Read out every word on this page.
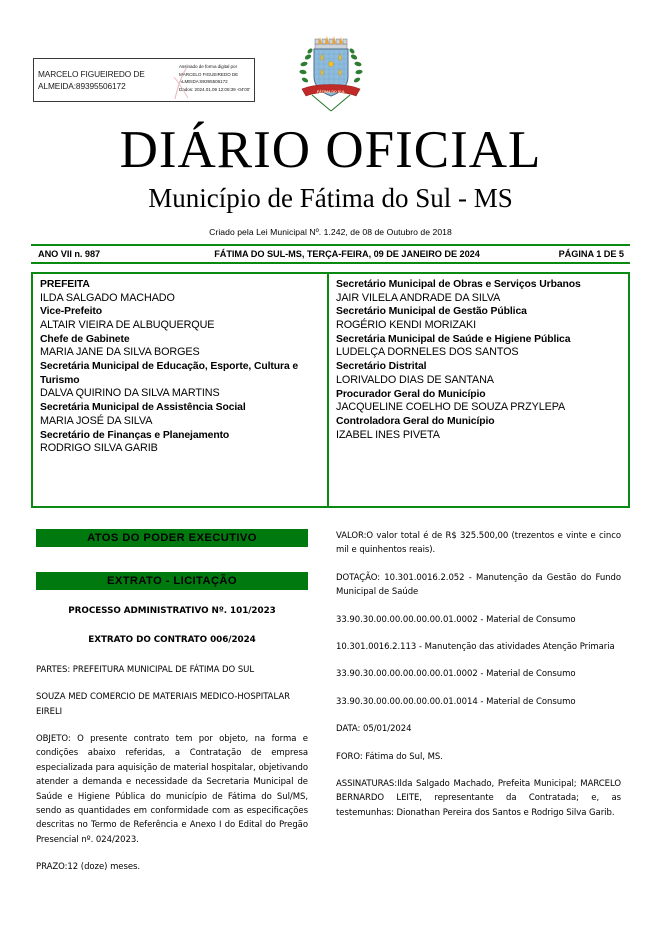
MARCELO FIGUEIREDO DE ALMEIDA:89395506172
Assinado de forma digital por
MARCELO FIGUEIREDO DE
ALMEIDA:89395506172
Dados: 2024.01.09 12:08:39 -04'00'
FÁTIMA DO SUL
DIÁRIO OFICIAL
Município de Fátima do Sul - MS
Criado pela Lei Municipal Nº. 1.242, de 08 de Outubro de 2018
ANO VII n. 987	FÁTIMA DO SUL-MS, TERÇA-FEIRA, 09 DE JANEIRO DE 2024	PÁGINA 1 DE 5
PREFEITA
ILDA SALGADO MACHADO
Vice-Prefeito
ALTAIR VIEIRA DE ALBUQUERQUE
Chefe de Gabinete
MARIA JANE DA SILVA BORGES
Secretária Municipal de Educação, Esporte, Cultura e Turismo
DALVA QUIRINO DA SILVA MARTINS
Secretária Municipal de Assistência Social
MARIA JOSÉ DA SILVA
Secretário de Finanças e Planejamento
RODRIGO SILVA GARIB
Secretário Municipal de Obras e Serviços Urbanos
JAIR VILELA ANDRADE DA SILVA
Secretário Municipal de Gestão Pública
ROGÉRIO KENDI MORIZAKI
Secretária Municipal de Saúde e Higiene Pública
LUDELÇA DORNELES DOS SANTOS
Secretário Distrital
LORIVALDO DIAS DE SANTANA
Procurador Geral do Município
JACQUELINE COELHO DE SOUZA PRZYLEPA
Controladora Geral do Município
IZABEL INES PIVETA
ATOS DO PODER EXECUTIVO
EXTRATO - LICITAÇÃO
PROCESSO ADMINISTRATIVO Nº. 101/2023
EXTRATO DO CONTRATO 006/2024
PARTES: PREFEITURA MUNICIPAL DE FÁTIMA DO SUL
SOUZA MED COMERCIO DE MATERIAIS MEDICO-HOSPITALAR EIRELI
OBJETO: O presente contrato tem por objeto, na forma e condições abaixo referidas, a Contratação de empresa especializada para aquisição de material hospitalar, objetivando atender a demanda e necessidade da Secretaria Municipal de Saúde e Higiene Pública do município de Fátima do Sul/MS, sendo as quantidades em conformidade com as especificações descritas no Termo de Referência e Anexo I do Edital do Pregão Presencial nº. 024/2023.
PRAZO:12 (doze) meses.
VALOR:O valor total é de R$ 325.500,00 (trezentos e vinte e cinco mil e quinhentos reais).
DOTAÇÃO: 10.301.0016.2.052 - Manutenção da Gestão do Fundo Municipal de Saúde
33.90.30.00.00.00.00.00.01.0002 - Material de Consumo
10.301.0016.2.113 - Manutenção das atividades Atenção Primaria
33.90.30.00.00.00.00.00.01.0002 - Material de Consumo
33.90.30.00.00.00.00.00.01.0014 - Material de Consumo
DATA: 05/01/2024
FORO: Fátima do Sul, MS.
ASSINATURAS:Ilda Salgado Machado, Prefeita Municipal; MARCELO BERNARDO LEITE, representante da Contratada; e, as testemunhas: Dionathan Pereira dos Santos e Rodrigo Silva Garib.
